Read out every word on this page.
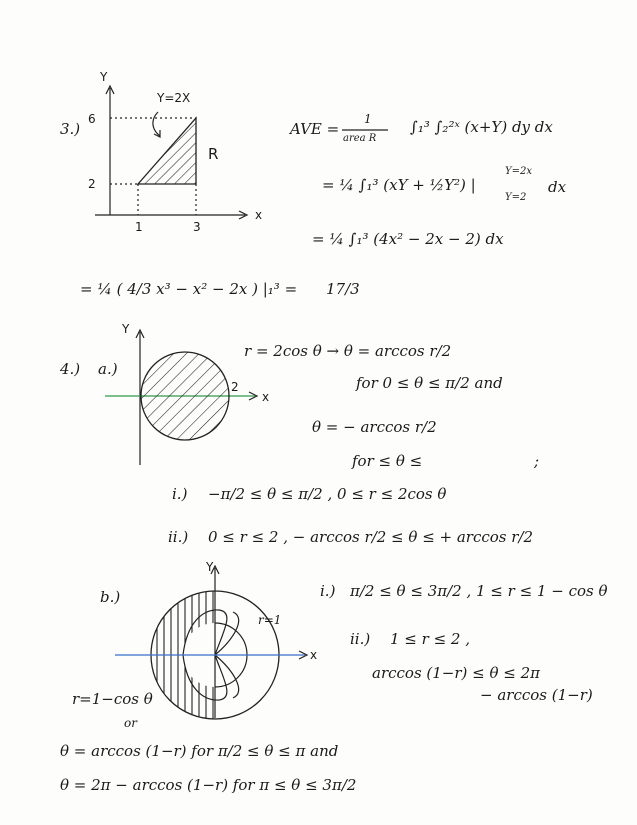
3.)
Y
Y=2X
R
6
2
1	3
x
AVE =
1
area R
∫₁³ ∫₂²ˣ (x+Y) dy dx
= ¼ ∫₁³ (xY + ½Y²) |
Y=2x
Y=2
dx
= ¼ ∫₁³ (4x² − 2x − 2) dx
= ¼ ( 4/3 x³ − x² − 2x ) |₁³ = 17/3
4.) a.)
Y
2
x
r = 2cos θ → θ = arccos r/2
for 0 ≤ θ ≤ π/2 and
θ = − arccos r/2
for ≤ θ ≤	;
i.) −π/2 ≤ θ ≤ π/2 , 0 ≤ r ≤ 2cos θ
ii.) 0 ≤ r ≤ 2 , − arccos r/2 ≤ θ ≤ + arccos r/2
b.)
Y
x
r=1
i.) π/2 ≤ θ ≤ 3π/2 , 1 ≤ r ≤ 1 − cos θ
ii.) 1 ≤ r ≤ 2 ,
arccos (1−r) ≤ θ ≤ 2π
− arccos (1−r)
r=1−cos θ
or
θ = arccos (1−r) for π/2 ≤ θ ≤ π and
θ = 2π − arccos (1−r) for π ≤ θ ≤ 3π/2
